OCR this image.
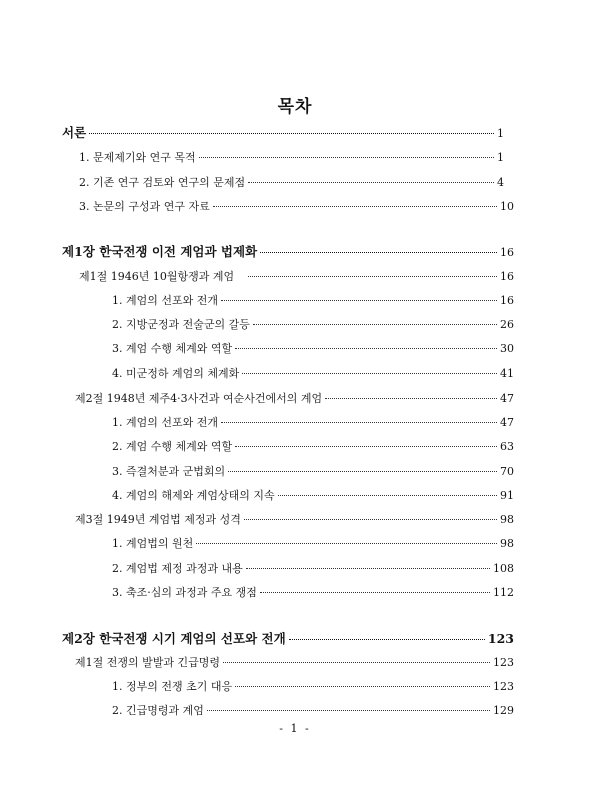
목차
서론	1
1. 문제제기와 연구 목적	1
2. 기존 연구 검토와 연구의 문제점	4
3. 논문의 구성과 연구 자료	10
제1장 한국전쟁 이전 계엄과 법제화	16
제1절 1946년 10월항쟁과 계엄	16
1. 계엄의 선포와 전개	16
2. 지방군정과 전술군의 갈등	26
3. 계엄 수행 체계와 역할	30
4. 미군정하 계엄의 체계화	41
제2절 1948년 제주4·3사건과 여순사건에서의 계엄	47
1. 계엄의 선포와 전개	47
2. 계엄 수행 체계와 역할	63
3. 즉결처분과 군법회의	70
4. 계엄의 해제와 계엄상태의 지속	91
제3절 1949년 계엄법 제정과 성격	98
1. 계엄법의 원천	98
2. 계엄법 제정 과정과 내용	108
3. 축조·심의 과정과 주요 쟁점	112
제2장 한국전쟁 시기 계엄의 선포와 전개	123
제1절 전쟁의 발발과 긴급명령	123
1. 정부의 전쟁 초기 대응	123
2. 긴급명령과 계엄	129
- 1 -
